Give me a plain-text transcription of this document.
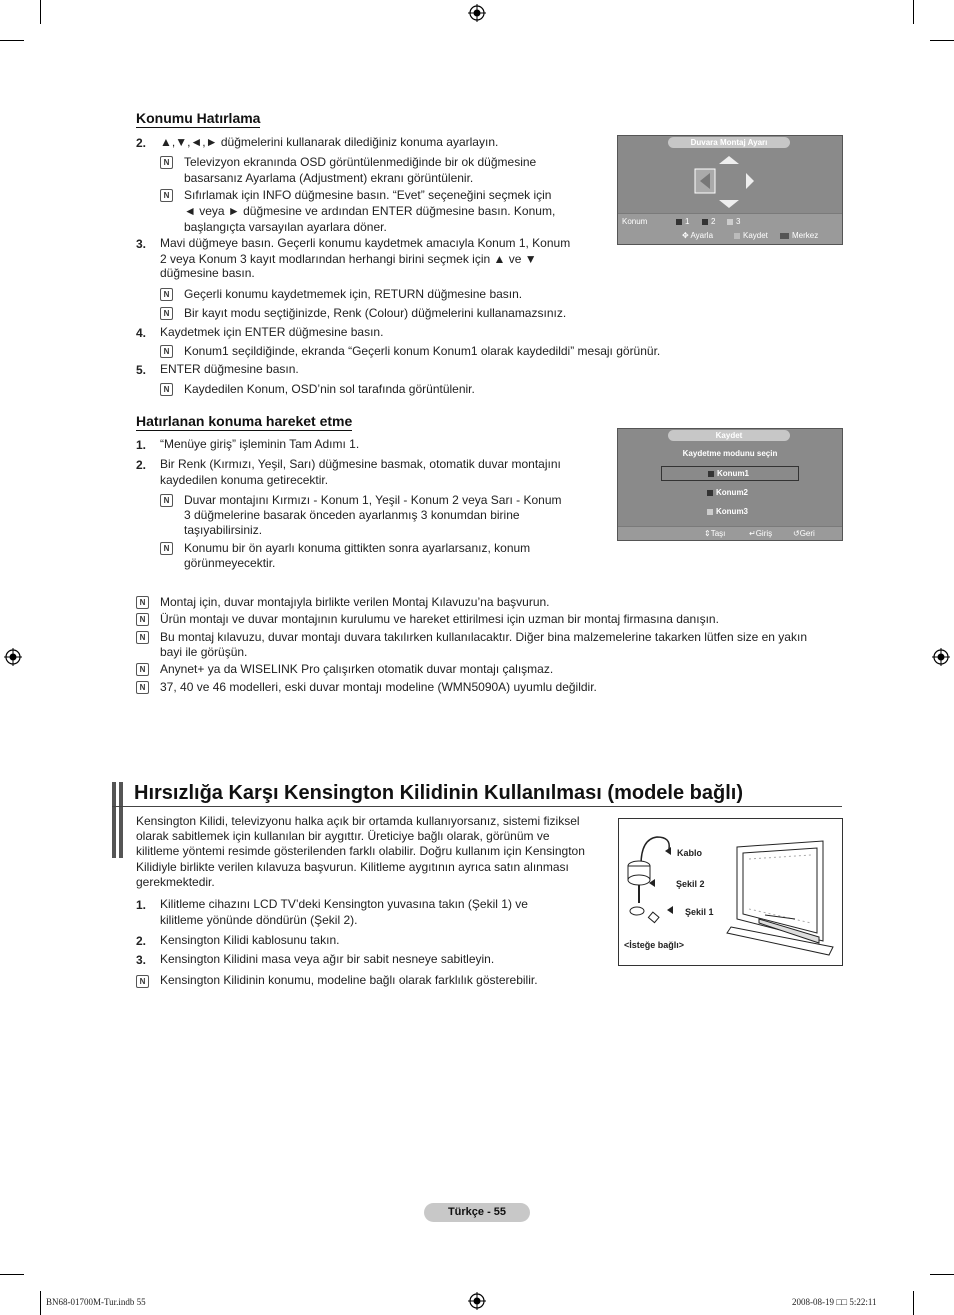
Konumu Hatırlama
2. ▲,▼,◄,► düğmelerini kullanarak dilediğiniz konuma ayarlayın.
N	Televizyon ekranında OSD görüntülenmediğinde bir ok düğmesine
basarsanız Ayarlama (Adjustment) ekranı görüntülenir.
N	Sıfırlamak için INFO düğmesine basın. “Evet” seçeneğini seçmek için
◄ veya ► düğmesine ve ardından ENTER düğmesine basın. Konum,
başlangıçta varsayılan ayarlara döner.
3. Mavi düğmeye basın. Geçerli konumu kaydetmek amacıyla Konum 1, Konum
2 veya Konum 3 kayıt modlarından herhangi birini seçmek için ▲ ve ▼
düğmesine basın.
N	Geçerli konumu kaydetmemek için, RETURN düğmesine basın.
N	Bir kayıt modu seçtiğinizde, Renk (Colour) düğmelerini kullanamazsınız.
4. Kaydetmek için ENTER düğmesine basın.
N	Konum1 seçildiğinde, ekranda “Geçerli konum Konum1 olarak kaydedildi” mesajı görünür.
5. ENTER düğmesine basın.
N	Kaydedilen Konum, OSD’nin sol tarafında görüntülenir.
Duvara Montaj Ayarı
Konum	1	2	3
✥ Ayarla	Kaydet	Merkez
Hatırlanan konuma hareket etme
1. “Menüye giriş” işleminin Tam Adımı 1.
2. Bir Renk (Kırmızı, Yeşil, Sarı) düğmesine basmak, otomatik duvar montajını
kaydedilen konuma getirecektir.
N	Duvar montajını Kırmızı - Konum 1, Yeşil - Konum 2 veya Sarı - Konum
3 düğmelerine basarak önceden ayarlanmış 3 konumdan birine
taşıyabilirsiniz.
N	Konumu bir ön ayarlı konuma gittikten sonra ayarlarsanız, konum
görünmeyecektir.
Kaydet
Kaydetme modunu seçin
Konum1
Konum2
Konum3
⇕Taşı	↵Giriş	↺Geri
N	Montaj için, duvar montajıyla birlikte verilen Montaj Kılavuzu’na başvurun.
N	Ürün montajı ve duvar montajının kurulumu ve hareket ettirilmesi için uzman bir montaj firmasına danışın.
N	Bu montaj kılavuzu, duvar montajı duvara takılırken kullanılacaktır. Diğer bina malzemelerine takarken lütfen size en yakın
bayi ile görüşün.
N	Anynet+ ya da WISELINK Pro çalışırken otomatik duvar montajı çalışmaz.
N	37, 40 ve 46 modelleri, eski duvar montajı modeline (WMN5090A) uyumlu değildir.
Hırsızlığa Karşı Kensington Kilidinin Kullanılması (modele bağlı)
Kensington Kilidi, televizyonu halka açık bir ortamda kullanıyorsanız, sistemi fiziksel
olarak sabitlemek için kullanılan bir aygıttır. Üreticiye bağlı olarak, görünüm ve
kilitleme yöntemi resimde gösterilenden farklı olabilir. Doğru kullanım için Kensington
Kilidiyle birlikte verilen kılavuza başvurun. Kilitleme aygıtının ayrıca satın alınması
gerekmektedir.
1. Kilitleme cihazını LCD TV’deki Kensington yuvasına takın (Şekil 1) ve
kilitleme yönünde döndürün (Şekil 2).
2. Kensington Kilidi kablosunu takın.
3. Kensington Kilidini masa veya ağır bir sabit nesneye sabitleyin.
N	Kensington Kilidinin konumu, modeline bağlı olarak farklılık gösterebilir.
Kablo
Şekil 2
Şekil 1
<İsteğe bağlı>
Türkçe - 55
BN68-01700M-Tur.indb 55	2008-08-19 □□ 5:22:11
